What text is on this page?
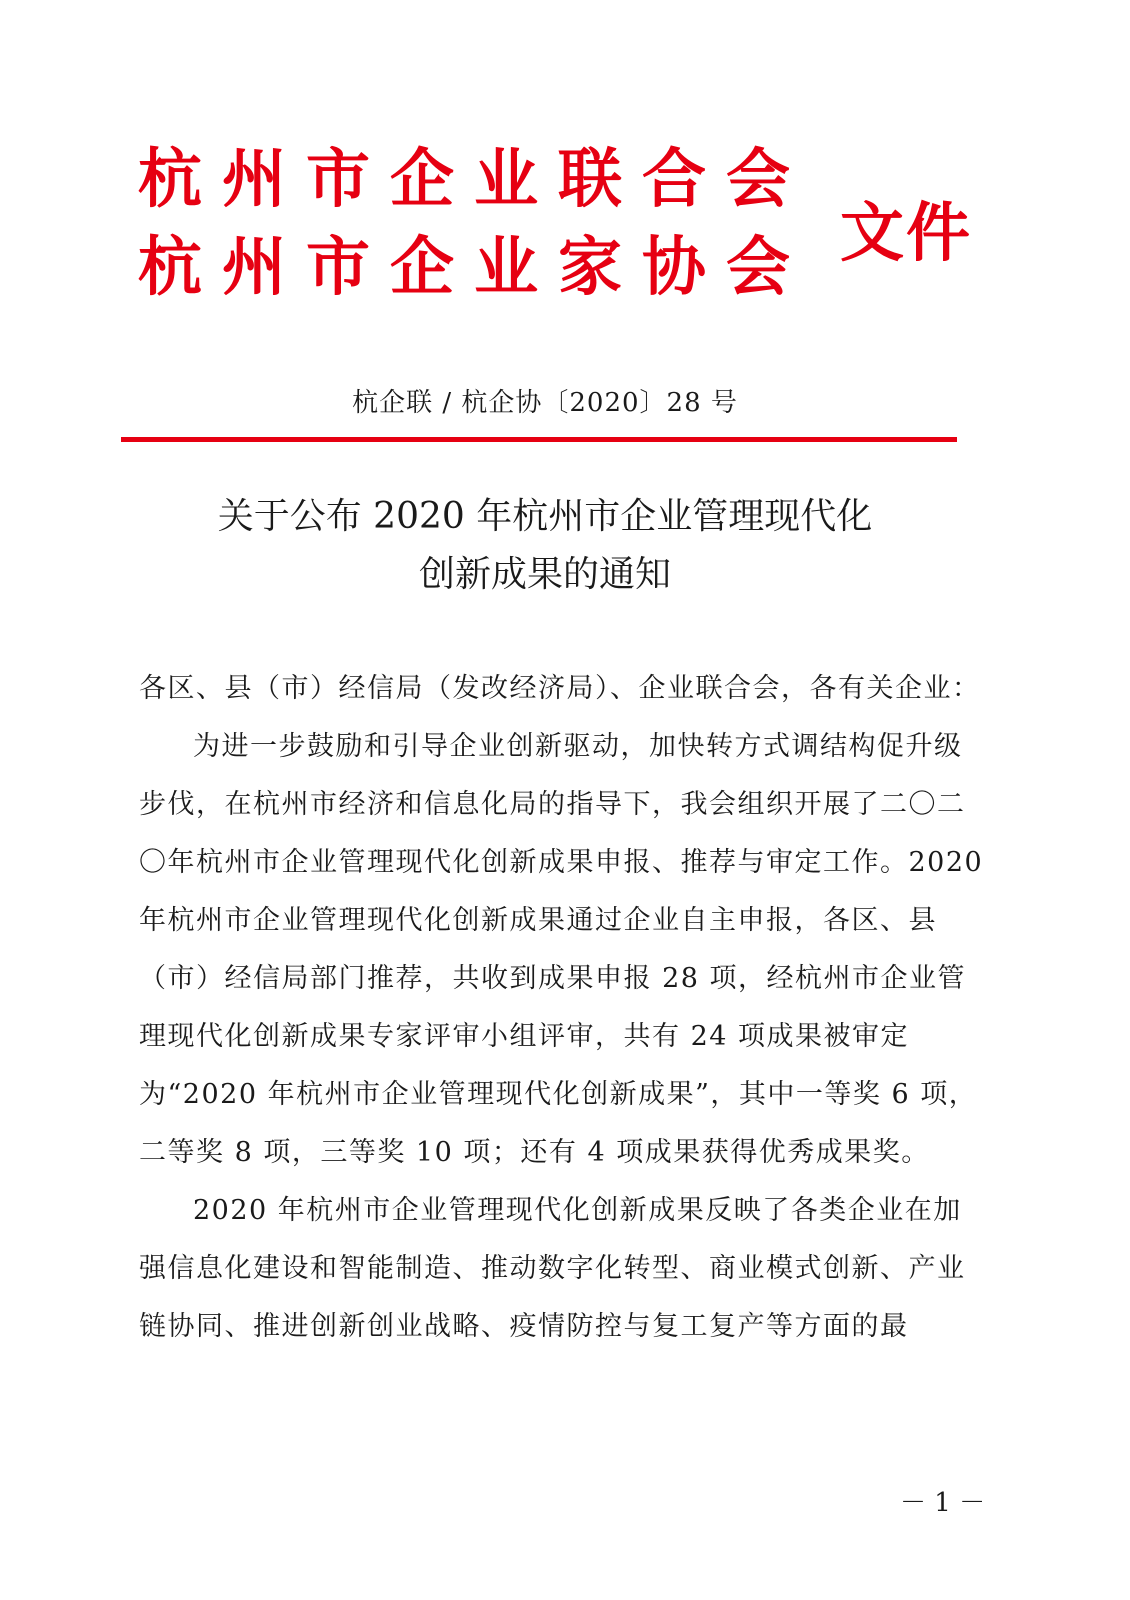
杭州市企业联合会
杭州市企业家协会 文件
杭企联 / 杭企协〔2020〕28 号
关于公布 2020 年杭州市企业管理现代化
创新成果的通知

各区、县（市）经信局（发改经济局）、企业联合会，各有关企业：

为进一步鼓励和引导企业创新驱动，加快转方式调结构促升级步伐，在杭州市经济和信息化局的指导下，我会组织开展了二〇二〇年杭州市企业管理现代化创新成果申报、推荐与审定工作。2020 年杭州市企业管理现代化创新成果通过企业自主申报，各区、县（市）经信局部门推荐，共收到成果申报 28 项，经杭州市企业管理现代化创新成果专家评审小组评审，共有 24 项成果被审定为“2020 年杭州市企业管理现代化创新成果”，其中一等奖 6 项，二等奖 8 项，三等奖 10 项；还有 4 项成果获得优秀成果奖。

2020 年杭州市企业管理现代化创新成果反映了各类企业在加强信息化建设和智能制造、推动数字化转型、商业模式创新、产业链协同、推进创新创业战略、疫情防控与复工复产等方面的最

－ 1 －
